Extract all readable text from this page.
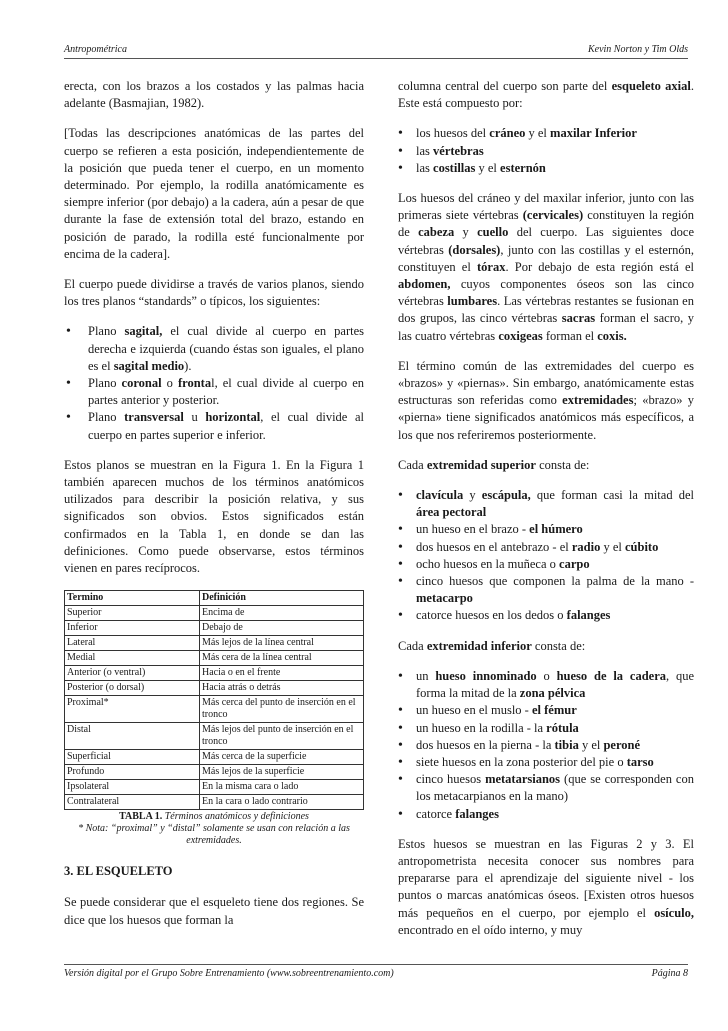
Antropométrica	Kevin Norton y Tim Olds

erecta, con los brazos a los costados y las palmas hacia adelante (Basmajian, 1982).

[Todas las descripciones anatómicas de las partes del cuerpo se refieren a esta posición, independientemente de la posición que pueda tener el cuerpo, en un momento determinado. Por ejemplo, la rodilla anatómicamente es siempre inferior (por debajo) a la cadera, aún a pesar de que durante la fase de extensión total del brazo, estando en posición de parado, la rodilla esté funcionalmente por encima de la cadera].

El cuerpo puede dividirse a través de varios planos, siendo los tres planos “standards” o típicos, los siguientes:

• Plano sagital, el cual divide al cuerpo en partes derecha e izquierda (cuando éstas son iguales, el plano es el sagital medio).
• Plano coronal o frontal, el cual divide al cuerpo en partes anterior y posterior.
• Plano transversal u horizontal, el cual divide al cuerpo en partes superior e inferior.

Estos planos se muestran en la Figura 1. En la Figura 1 también aparecen muchos de los términos anatómicos utilizados para describir la posición relativa, y sus significados son obvios. Estos significados están confirmados en la Tabla 1, en donde se dan las definiciones. Como puede observarse, estos términos vienen en pares recíprocos.

Termino	Definición
Superior	Encima de
Inferior	Debajo de
Lateral	Más lejos de la línea central
Medial	Más cera de la línea central
Anterior (o ventral)	Hacia o en el frente
Posterior (o dorsal)	Hacia atrás o detrás
Proximal*	Más cerca del punto de inserción en el tronco
Distal	Más lejos del punto de inserción en el tronco
Superficial	Más cerca de la superficie
Profundo	Más lejos de la superficie
Ipsolateral	En la misma cara o lado
Contralateral	En la cara o lado contrario
TABLA 1. Términos anatómicos y definiciones
* Nota: “proximal” y “distal” solamente se usan con relación a las extremidades.
3. EL ESQUELETO

Se puede considerar que el esqueleto tiene dos regiones. Se dice que los huesos que forman la

columna central del cuerpo son parte del esqueleto axial. Este está compuesto por:

• los huesos del cráneo y el maxilar Inferior
• las vértebras
• las costillas y el esternón

Los huesos del cráneo y del maxilar inferior, junto con las primeras siete vértebras (cervicales) constituyen la región de cabeza y cuello del cuerpo. Las siguientes doce vértebras (dorsales), junto con las costillas y el esternón, constituyen el tórax. Por debajo de esta región está el abdomen, cuyos componentes óseos son las cinco vértebras lumbares. Las vértebras restantes se fusionan en dos grupos, las cinco vértebras sacras forman el sacro, y las cuatro vértebras coxigeas forman el coxis.

El término común de las extremidades del cuerpo es «brazos» y «piernas». Sin embargo, anatómicamente estas estructuras son referidas como extremidades; «brazo» y «pierna» tiene significados anatómicos más específicos, a los que nos referiremos posteriormente.

Cada extremidad superior consta de:

• clavícula y escápula, que forman casi la mitad del área pectoral
• un hueso en el brazo - el húmero
• dos huesos en el antebrazo - el radio y el cúbito
• ocho huesos en la muñeca o carpo
• cinco huesos que componen la palma de la mano - metacarpo
• catorce huesos en los dedos o falanges

Cada extremidad inferior consta de:

• un hueso innominado o hueso de la cadera, que forma la mitad de la zona pélvica
• un hueso en el muslo - el fémur
• un hueso en la rodilla - la rótula
• dos huesos en la pierna - la tibia y el peroné
• siete huesos en la zona posterior del pie o tarso
• cinco huesos metatarsianos (que se corresponden con los metacarpianos en la mano)
• catorce falanges

Estos huesos se muestran en las Figuras 2 y 3. El antropometrista necesita conocer sus nombres para prepararse para el aprendizaje del siguiente nivel - los puntos o marcas anatómicas óseos. [Existen otros huesos más pequeños en el cuerpo, por ejemplo el osículo, encontrado en el oído interno, y muy

Versión digital por el Grupo Sobre Entrenamiento (www.sobreentrenamiento.com)	Página 8
